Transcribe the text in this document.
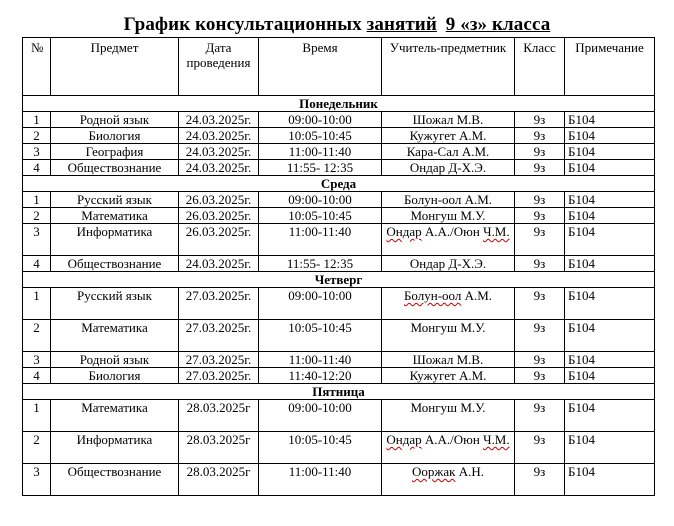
График консультационных занятий 9 «з» класса
№	Предмет	Дата проведения	Время	Учитель-предметник	Класс	Примечание
Понедельник						
1	Родной язык	24.03.2025г.	09:00-10:00	Шожал М.В.	9з	Б104
2	Биология	24.03.2025г.	10:05-10:45	Кужугет А.М.	9з	Б104
3	География	24.03.2025г.	11:00-11:40	Кара-Сал А.М.	9з	Б104
4	Обществознание	24.03.2025г.	11:55- 12:35	Ондар Д-Х.Э.	9з	Б104
Среда						
1	Русский язык	26.03.2025г.	09:00-10:00	Болун-оол А.М.	9з	Б104
2	Математика	26.03.2025г.	10:05-10:45	Монгуш М.У.	9з	Б104
3	Информатика	26.03.2025г.	11:00-11:40	Ондар А.А./Оюн Ч.М.	9з	Б104
4	Обществознание	24.03.2025г.	11:55- 12:35	Ондар Д-Х.Э.	9з	Б104
Четверг						
1	Русский язык	27.03.2025г.	09:00-10:00	Болун-оол А.М.	9з	Б104
2	Математика	27.03.2025г.	10:05-10:45	Монгуш М.У.	9з	Б104
3	Родной язык	27.03.2025г.	11:00-11:40	Шожал М.В.	9з	Б104
4	Биология	27.03.2025г.	11:40-12:20	Кужугет А.М.	9з	Б104
Пятница						
1	Математика	28.03.2025г	09:00-10:00	Монгуш М.У.	9з	Б104
2	Информатика	28.03.2025г	10:05-10:45	Ондар А.А./Оюн Ч.М.	9з	Б104
3	Обществознание	28.03.2025г	11:00-11:40	Ооржак А.Н.	9з	Б104
